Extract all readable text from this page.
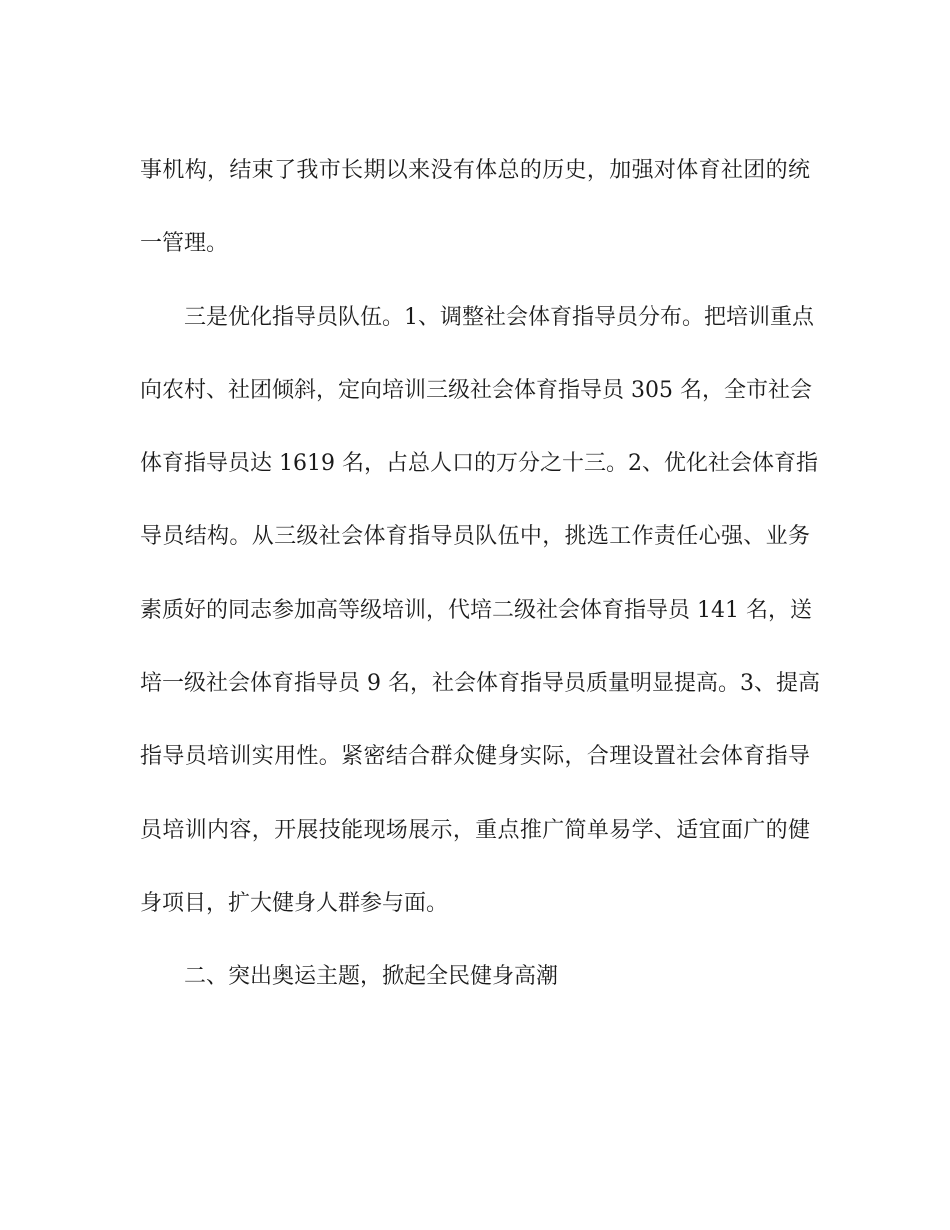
事机构，结束了我市长期以来没有体总的历史，加强对体育社团的统
一管理。

三是优化指导员队伍。1、调整社会体育指导员分布。把培训重点
向农村、社团倾斜，定向培训三级社会体育指导员 305 名，全市社会
体育指导员达 1619 名，占总人口的万分之十三。2、优化社会体育指
导员结构。从三级社会体育指导员队伍中，挑选工作责任心强、业务
素质好的同志参加高等级培训，代培二级社会体育指导员 141 名，送
培一级社会体育指导员 9 名，社会体育指导员质量明显提高。3、提高
指导员培训实用性。紧密结合群众健身实际，合理设置社会体育指导
员培训内容，开展技能现场展示，重点推广简单易学、适宜面广的健
身项目，扩大健身人群参与面。

二、突出奥运主题，掀起全民健身高潮
